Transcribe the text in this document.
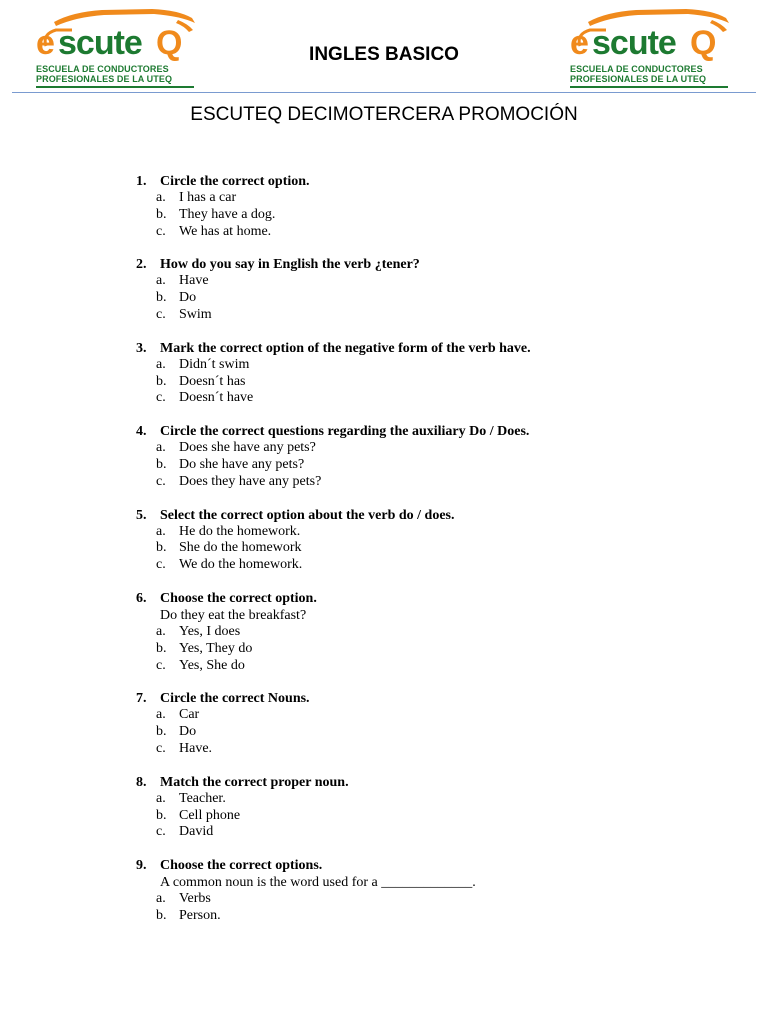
e scute Q
ESCUELA DE CONDUCTORES
PROFESIONALES DE LA UTEQ
e scute Q
ESCUELA DE CONDUCTORES
PROFESIONALES DE LA UTEQ
INGLES BASICO
ESCUTEQ DECIMOTERCERA PROMOCIÓN
1. Circle the correct option.
a. I has a car
b. They have a dog.
c. We has at home.
2. How do you say in English the verb ¿tener?
a. Have
b. Do
c. Swim
3. Mark the correct option of the negative form of the verb have.
a. Didn´t swim
b. Doesn´t has
c. Doesn´t have
4. Circle the correct questions regarding the auxiliary Do / Does.
a. Does she have any pets?
b. Do she have any pets?
c. Does they have any pets?
5. Select the correct option about the verb do / does.
a. He do the homework.
b. She do the homework
c. We do the homework.
6. Choose the correct option.
Do they eat the breakfast?
a. Yes, I does
b. Yes, They do
c. Yes, She do
7. Circle the correct Nouns.
a. Car
b. Do
c. Have.
8. Match the correct proper noun.
a. Teacher.
b. Cell phone
c. David
9. Choose the correct options.
A common noun is the word used for a _____________.
a. Verbs
b. Person.
